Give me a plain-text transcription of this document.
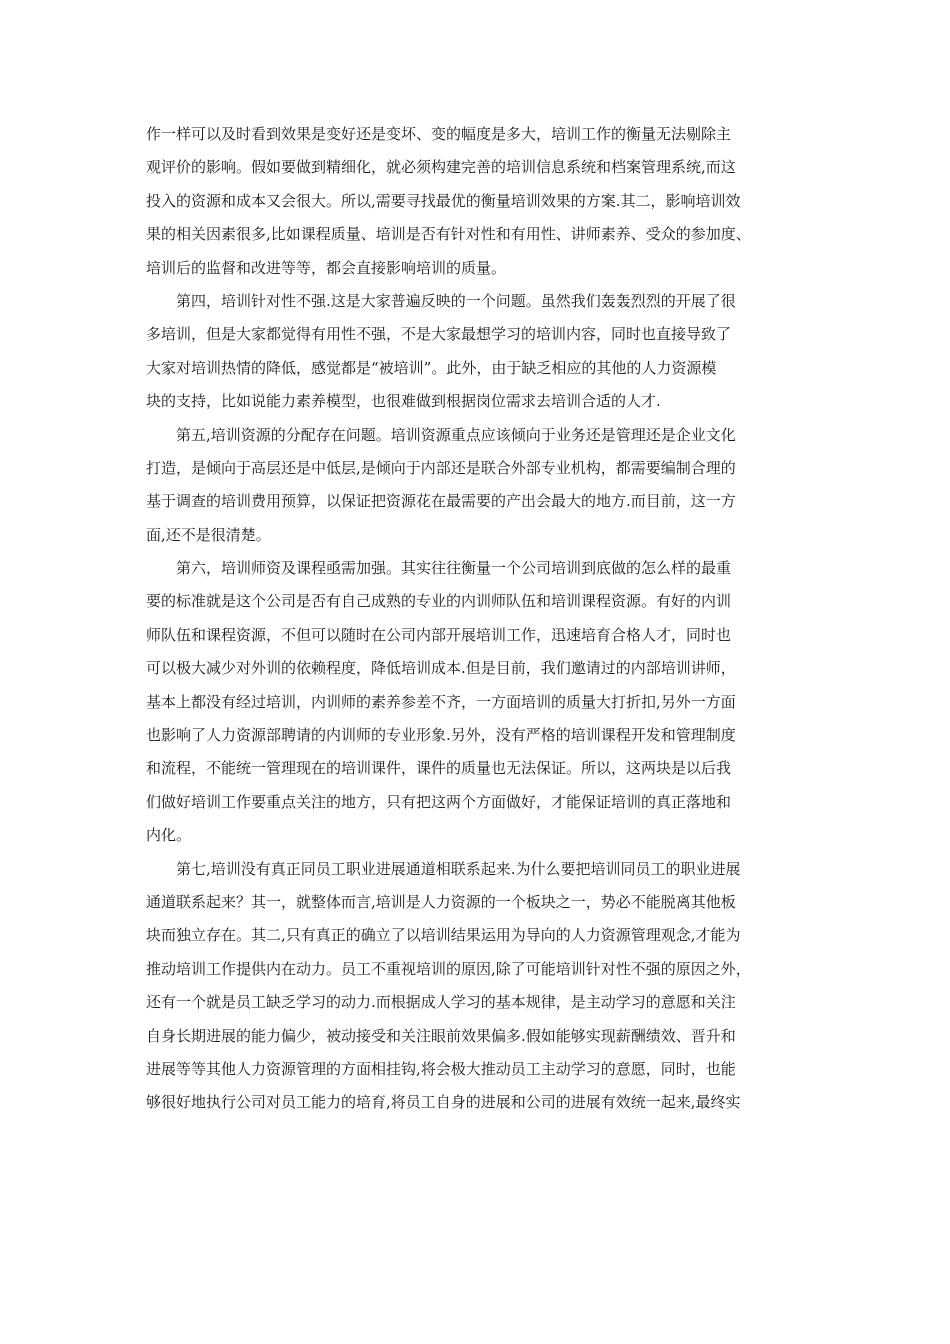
作一样可以及时看到效果是变好还是变坏、变的幅度是多大，培训工作的衡量无法剔除主
观评价的影响。假如要做到精细化，就必须构建完善的培训信息系统和档案管理系统,而这
投入的资源和成本又会很大。所以,需要寻找最优的衡量培训效果的方案.其二，影响培训效
果的相关因素很多,比如课程质量、培训是否有针对性和有用性、讲师素养、受众的参加度、
培训后的监督和改进等等，都会直接影响培训的质量。
第四，培训针对性不强.这是大家普遍反映的一个问题。虽然我们轰轰烈烈的开展了很
多培训，但是大家都觉得有用性不强，不是大家最想学习的培训内容，同时也直接导致了
大家对培训热情的降低，感觉都是“被培训”。此外，由于缺乏相应的其他的人力资源模
块的支持，比如说能力素养模型，也很难做到根据岗位需求去培训合适的人才.
第五,培训资源的分配存在问题。培训资源重点应该倾向于业务还是管理还是企业文化
打造，是倾向于高层还是中低层,是倾向于内部还是联合外部专业机构，都需要编制合理的
基于调查的培训费用预算，以保证把资源花在最需要的产出会最大的地方.而目前，这一方
面,还不是很清楚。
第六，培训师资及课程亟需加强。其实往往衡量一个公司培训到底做的怎么样的最重
要的标准就是这个公司是否有自己成熟的专业的内训师队伍和培训课程资源。有好的内训
师队伍和课程资源，不但可以随时在公司内部开展培训工作，迅速培育合格人才，同时也
可以极大减少对外训的依赖程度，降低培训成本.但是目前，我们邀请过的内部培训讲师，
基本上都没有经过培训，内训师的素养参差不齐，一方面培训的质量大打折扣,另外一方面
也影响了人力资源部聘请的内训师的专业形象.另外，没有严格的培训课程开发和管理制度
和流程，不能统一管理现在的培训课件，课件的质量也无法保证。所以，这两块是以后我
们做好培训工作要重点关注的地方，只有把这两个方面做好，才能保证培训的真正落地和
内化。
第七,培训没有真正同员工职业进展通道相联系起来.为什么要把培训同员工的职业进展
通道联系起来？其一，就整体而言,培训是人力资源的一个板块之一，势必不能脱离其他板
块而独立存在。其二,只有真正的确立了以培训结果运用为导向的人力资源管理观念,才能为
推动培训工作提供内在动力。员工不重视培训的原因,除了可能培训针对性不强的原因之外，
还有一个就是员工缺乏学习的动力.而根据成人学习的基本规律，是主动学习的意愿和关注
自身长期进展的能力偏少，被动接受和关注眼前效果偏多.假如能够实现薪酬绩效、晋升和
进展等等其他人力资源管理的方面相挂钩,将会极大推动员工主动学习的意愿，同时，也能
够很好地执行公司对员工能力的培育,将员工自身的进展和公司的进展有效统一起来,最终实
